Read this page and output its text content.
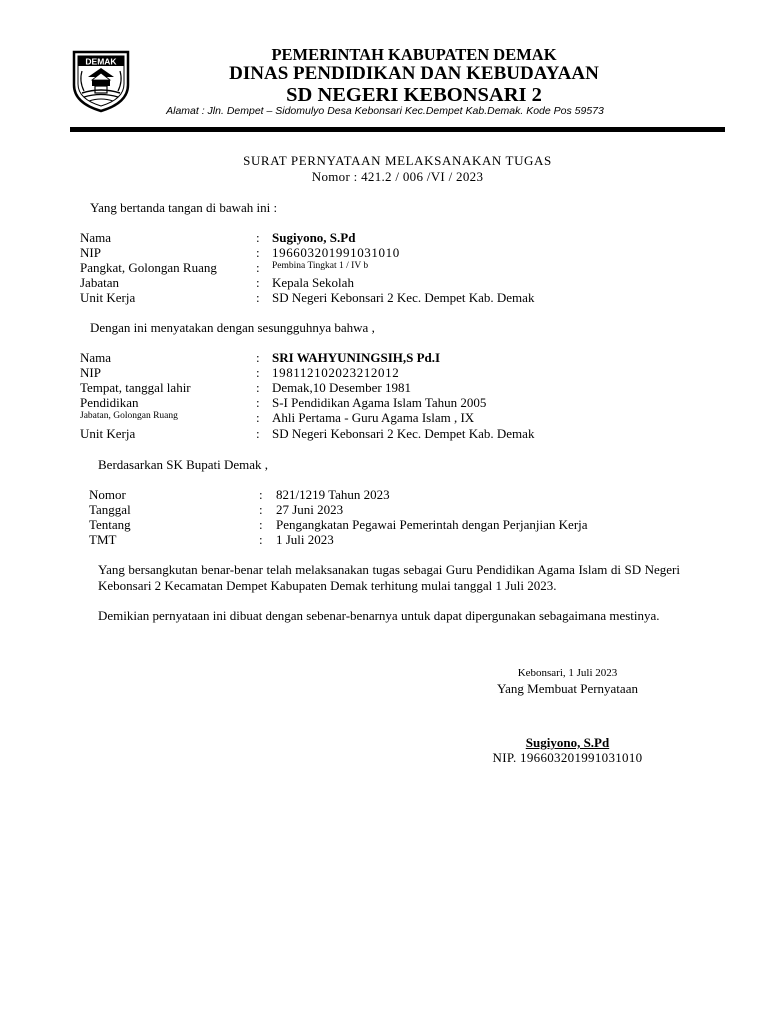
DEMAK	PEMERINTAH KABUPATEN DEMAK
DINAS PENDIDIKAN DAN KEBUDAYAAN
SD NEGERI KEBONSARI 2
Alamat : Jln. Dempet – Sidomulyo Desa Kebonsari Kec.Dempet Kab.Demak. Kode Pos 59573
SURAT PERNYATAAN MELAKSANAKAN TUGAS
Nomor : 421.2 / 006 /VI / 2023
Yang bertanda tangan di bawah ini :
Nama	: Sugiyono, S.Pd
NIP	: 196603201991031010
Pangkat, Golongan Ruang	: Pembina Tingkat 1 / IV b
Jabatan	: Kepala Sekolah
Unit Kerja	: SD Negeri Kebonsari 2 Kec. Dempet Kab. Demak
Dengan ini menyatakan dengan sesungguhnya bahwa ,
Nama	: SRI WAHYUNINGSIH,S Pd.I
NIP	: 198112102023212012
Tempat, tanggal lahir	: Demak,10 Desember 1981
Pendidikan	: S-I Pendidikan Agama Islam Tahun 2005
Jabatan, Golongan Ruang	: Ahli Pertama - Guru Agama Islam , IX
Unit Kerja	: SD Negeri Kebonsari 2 Kec. Dempet Kab. Demak
Berdasarkan SK Bupati Demak ,
Nomor	: 821/1219 Tahun 2023
Tanggal	: 27 Juni 2023
Tentang	: Pengangkatan Pegawai Pemerintah dengan Perjanjian Kerja
TMT	: 1 Juli 2023
Yang bersangkutan benar-benar telah melaksanakan tugas sebagai Guru Pendidikan Agama Islam di SD Negeri Kebonsari 2 Kecamatan Dempet Kabupaten Demak terhitung mulai tanggal 1 Juli 2023.
Demikian pernyataan ini dibuat dengan sebenar-benarnya untuk dapat dipergunakan sebagaimana mestinya.
Kebonsari, 1 Juli 2023
Yang Membuat Pernyataan
Sugiyono, S.Pd
NIP. 196603201991031010
